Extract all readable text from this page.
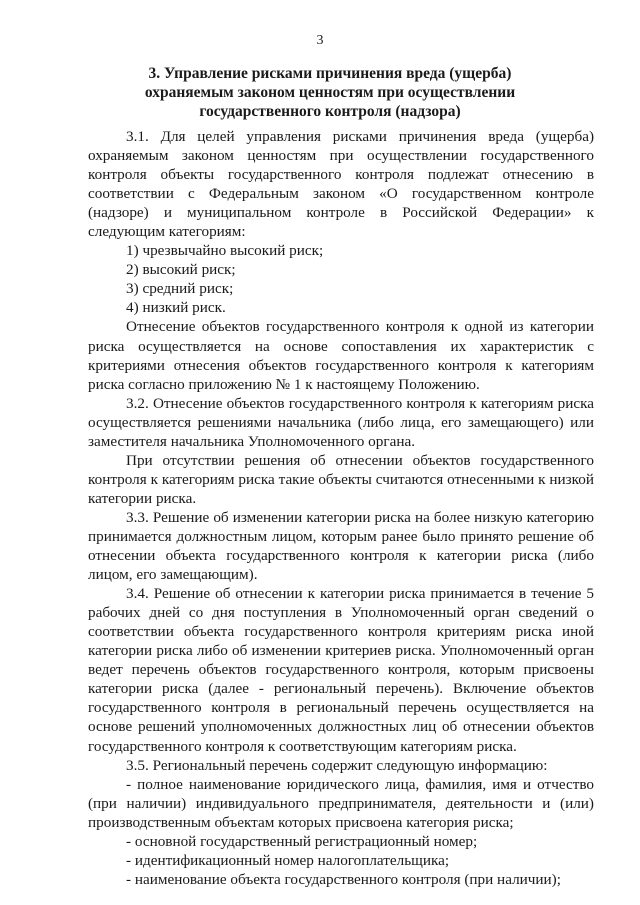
3
3. Управление рисками причинения вреда (ущерба)
охраняемым законом ценностям при осуществлении
государственного контроля (надзора)

3.1. Для целей управления рисками причинения вреда (ущерба) охраняемым законом ценностям при осуществлении государственного контроля объекты государственного контроля подлежат отнесению в соответствии с Федеральным законом «О государственном контроле (надзоре) и муниципальном контроле в Российской Федерации» к следующим категориям:

1) чрезвычайно высокий риск;

2) высокий риск;

3) средний риск;

4) низкий риск.

Отнесение объектов государственного контроля к одной из категории риска осуществляется на основе сопоставления их характеристик с критериями отнесения объектов государственного контроля к категориям риска согласно приложению № 1 к настоящему Положению.

3.2. Отнесение объектов государственного контроля к категориям риска осуществляется решениями начальника (либо лица, его замещающего) или заместителя начальника Уполномоченного органа.

При отсутствии решения об отнесении объектов государственного контроля к категориям риска такие объекты считаются отнесенными к низкой категории риска.

3.3. Решение об изменении категории риска на более низкую категорию принимается должностным лицом, которым ранее было принято решение об отнесении объекта государственного контроля к категории риска (либо лицом, его замещающим).

3.4. Решение об отнесении к категории риска принимается в течение 5 рабочих дней со дня поступления в Уполномоченный орган сведений о соответствии объекта государственного контроля критериям риска иной категории риска либо об изменении критериев риска. Уполномоченный орган ведет перечень объектов государственного контроля, которым присвоены категории риска (далее - региональный перечень). Включение объектов государственного контроля в региональный перечень осуществляется на основе решений уполномоченных должностных лиц об отнесении объектов государственного контроля к соответствующим категориям риска.

3.5. Региональный перечень содержит следующую информацию:

- полное наименование юридического лица, фамилия, имя и отчество (при наличии) индивидуального предпринимателя, деятельности и (или) производственным объектам которых присвоена категория риска;

- основной государственный регистрационный номер;

- идентификационный номер налогоплательщика;

- наименование объекта государственного контроля (при наличии);
